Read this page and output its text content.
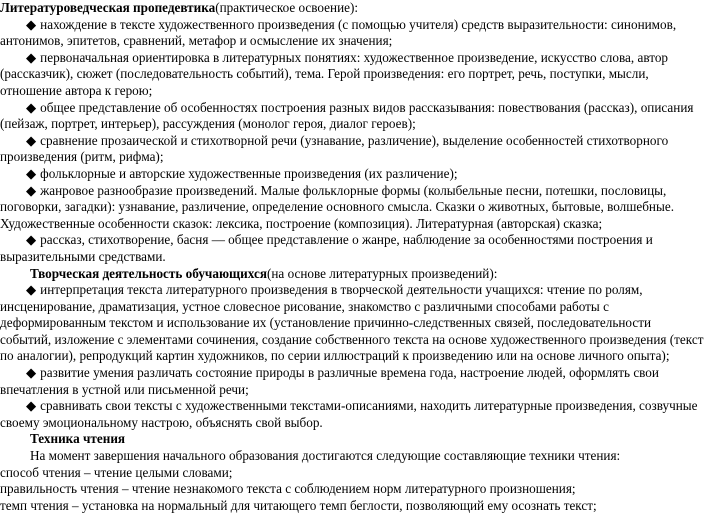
Литературоведческая пропедевтика(практическое освоение):

◆ нахождение в тексте художественного произведения (с помощью учителя) средств выразительности: синонимов, антонимов, эпитетов, сравнений, метафор и осмысление их значения;

◆ первоначальная ориентировка в литературных понятиях: художественное произведение, искусство слова, автор (рассказчик), сюжет (последовательность событий), тема. Герой произведения: его портрет, речь, поступки, мысли, отношение автора к герою;

◆ общее представление об особенностях построения разных видов рассказывания: повествования (рассказ), описания (пейзаж, портрет, интерьер), рассуждения (монолог героя, диалог героев);

◆ сравнение прозаической и стихотворной речи (узнавание, различение), выделение особенностей стихотворного произведения (ритм, рифма);

◆ фольклорные и авторские художественные произведения (их различение);

◆ жанровое разнообразие произведений. Малые фольклорные формы (колыбельные песни, потешки, пословицы, поговорки, загадки): узнавание, различение, определение основного смысла. Сказки о животных, бытовые, волшебные. Художественные особенности сказок: лексика, построение (композиция). Литературная (авторская) сказка;

◆ рассказ, стихотворение, басня — общее представление о жанре, наблюдение за особенностями построения и выразительными средствами.

Творческая деятельность обучающихся(на основе литературных произведений):

◆ интерпретация текста литературного произведения в творческой деятельности учащихся: чтение по ролям, инсценирование, драматизация, устное словесное рисование, знакомство с различными способами работы с деформированным текстом и использование их (установление причинно-следственных связей, последовательности событий, изложение с элементами сочинения, создание собственного текста на основе художественного произведения (текст по аналогии), репродукций картин художников, по серии иллюстраций к произведению или на основе личного опыта);

◆ развитие умения различать состояние природы в различные времена года, настроение людей, оформлять свои впечатления в устной или письменной речи;

◆ сравнивать свои тексты с художественными текстами-описаниями, находить литературные произведения, созвучные своему эмоциональному настрою, объяснять свой выбор.

Техника чтения

На момент завершения начального образования достигаются следующие составляющие техники чтения:

способ чтения – чтение целыми словами;

правильность чтения – чтение незнакомого текста с соблюдением норм литературного произношения;

темп чтения – установка на нормальный для читающего темп беглости, позволяющий ему осознать текст;
